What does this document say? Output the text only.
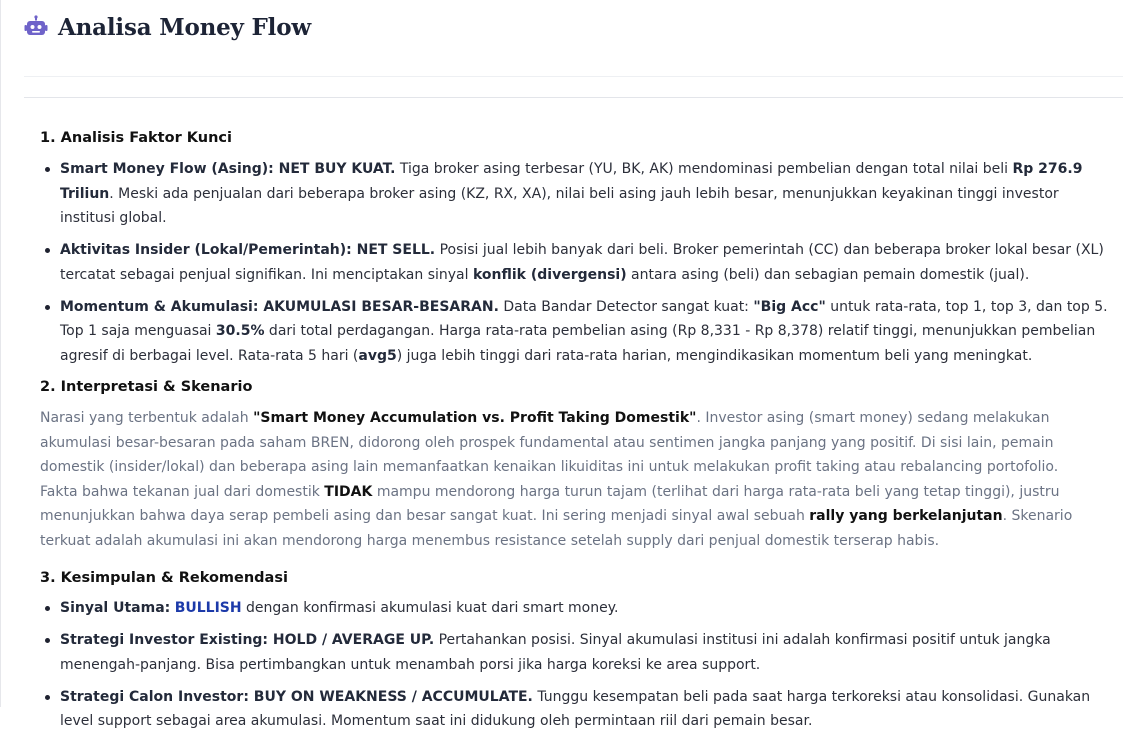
Analisa Money Flow
1. Analisis Faktor Kunci
Smart Money Flow (Asing): NET BUY KUAT. Tiga broker asing terbesar (YU, BK, AK) mendominasi pembelian dengan total nilai beli Rp 276.9 Triliun. Meski ada penjualan dari beberapa broker asing (KZ, RX, XA), nilai beli asing jauh lebih besar, menunjukkan keyakinan tinggi investor institusi global.
Aktivitas Insider (Lokal/Pemerintah): NET SELL. Posisi jual lebih banyak dari beli. Broker pemerintah (CC) dan beberapa broker lokal besar (XL) tercatat sebagai penjual signifikan. Ini menciptakan sinyal konflik (divergensi) antara asing (beli) dan sebagian pemain domestik (jual).
Momentum & Akumulasi: AKUMULASI BESAR-BESARAN. Data Bandar Detector sangat kuat: "Big Acc" untuk rata-rata, top 1, top 3, dan top 5. Top 1 saja menguasai 30.5% dari total perdagangan. Harga rata-rata pembelian asing (Rp 8,331 - Rp 8,378) relatif tinggi, menunjukkan pembelian agresif di berbagai level. Rata-rata 5 hari (avg5) juga lebih tinggi dari rata-rata harian, mengindikasikan momentum beli yang meningkat.
2. Interpretasi & Skenario
Narasi yang terbentuk adalah "Smart Money Accumulation vs. Profit Taking Domestik". Investor asing (smart money) sedang melakukan akumulasi besar-besaran pada saham BREN, didorong oleh prospek fundamental atau sentimen jangka panjang yang positif. Di sisi lain, pemain domestik (insider/lokal) dan beberapa asing lain memanfaatkan kenaikan likuiditas ini untuk melakukan profit taking atau rebalancing portofolio.
Fakta bahwa tekanan jual dari domestik TIDAK mampu mendorong harga turun tajam (terlihat dari harga rata-rata beli yang tetap tinggi), justru menunjukkan bahwa daya serap pembeli asing dan besar sangat kuat. Ini sering menjadi sinyal awal sebuah rally yang berkelanjutan. Skenario terkuat adalah akumulasi ini akan mendorong harga menembus resistance setelah supply dari penjual domestik terserap habis.
3. Kesimpulan & Rekomendasi
Sinyal Utama: BULLISH dengan konfirmasi akumulasi kuat dari smart money.
Strategi Investor Existing: HOLD / AVERAGE UP. Pertahankan posisi. Sinyal akumulasi institusi ini adalah konfirmasi positif untuk jangka menengah-panjang. Bisa pertimbangkan untuk menambah porsi jika harga koreksi ke area support.
Strategi Calon Investor: BUY ON WEAKNESS / ACCUMULATE. Tunggu kesempatan beli pada saat harga terkoreksi atau konsolidasi. Gunakan level support sebagai area akumulasi. Momentum saat ini didukung oleh permintaan riil dari pemain besar.
